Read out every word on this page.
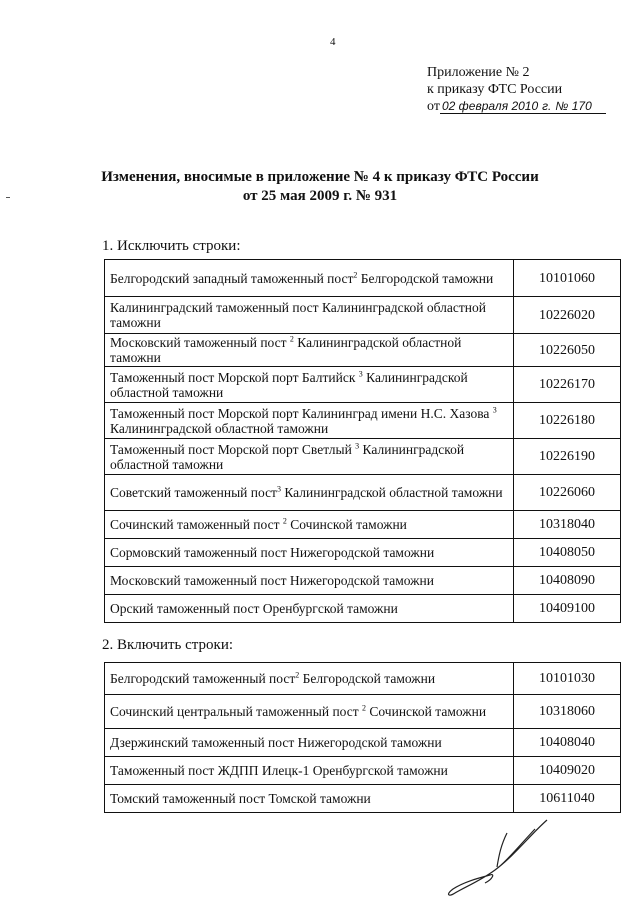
4
Приложение № 2
к приказу ФТС России
от 02 февраля 2010 г. № 170
Изменения, вносимые в приложение № 4 к приказу ФТС России
от 25 мая 2009 г. № 931
1. Исключить строки:
Белгородский западный таможенный пост$^2$ Белгородской таможни	10101060
Калининградский таможенный пост Калининградской областной таможни	10226020
Московский таможенный пост $^2$ Калининградской областной таможни	10226050
Таможенный пост Морской порт Балтийск $^3$ Калининградской областной таможни	10226170
Таможенный пост Морской порт Калининград имени Н.С. Хазова $^3$ Калининградской областной таможни	10226180
Таможенный пост Морской порт Светлый $^3$ Калининградской областной таможни	10226190
Советский таможенный пост$^3$ Калининградской областной таможни	10226060
Сочинский таможенный пост $^2$ Сочинской таможни	10318040
Сормовский таможенный пост Нижегородской таможни	10408050
Московский таможенный пост Нижегородской таможни	10408090
Орский таможенный пост Оренбургской таможни	10409100
2. Включить строки:
Белгородский таможенный пост$^2$ Белгородской таможни	10101030
Сочинский центральный таможенный пост $^2$ Сочинской таможни	10318060
Дзержинский таможенный пост Нижегородской таможни	10408040
Таможенный пост ЖДПП Илецк-1 Оренбургской таможни	10409020
Томский таможенный пост Томской таможни	10611040
